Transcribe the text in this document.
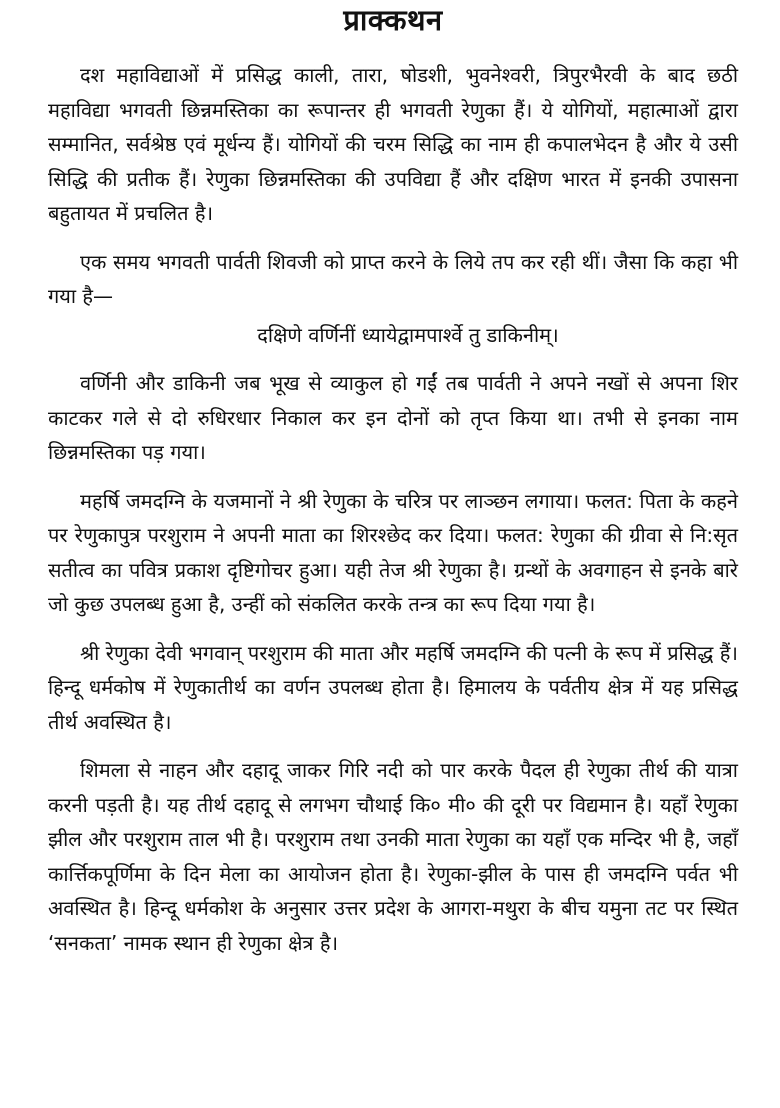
प्राक्कथन

दश महाविद्याओं में प्रसिद्ध काली, तारा, षोडशी, भुवनेश्वरी, त्रिपुरभैरवी के बाद छठी महाविद्या भगवती छिन्नमस्तिका का रूपान्तर ही भगवती रेणुका हैं। ये योगियों, महात्माओं द्वारा सम्मानित, सर्वश्रेष्ठ एवं मूर्धन्य हैं। योगियों की चरम सिद्धि का नाम ही कपालभेदन है और ये उसी सिद्धि की प्रतीक हैं। रेणुका छिन्नमस्तिका की उपविद्या हैं और दक्षिण भारत में इनकी उपासना बहुतायत में प्रचलित है।

एक समय भगवती पार्वती शिवजी को प्राप्त करने के लिये तप कर रही थीं। जैसा कि कहा भी गया है—

दक्षिणे वर्णिनीं ध्यायेद्वामपार्श्वे तु डाकिनीम्।

वर्णिनी और डाकिनी जब भूख से व्याकुल हो गईं तब पार्वती ने अपने नखों से अपना शिर काटकर गले से दो रुधिरधार निकाल कर इन दोनों को तृप्त किया था। तभी से इनका नाम छिन्नमस्तिका पड़ गया।

महर्षि जमदग्नि के यजमानों ने श्री रेणुका के चरित्र पर लाञ्छन लगाया। फलत: पिता के कहने पर रेणुकापुत्र परशुराम ने अपनी माता का शिरश्छेद कर दिया। फलत: रेणुका की ग्रीवा से नि:सृत सतीत्व का पवित्र प्रकाश दृष्टिगोचर हुआ। यही तेज श्री रेणुका है। ग्रन्थों के अवगाहन से इनके बारे जो कुछ उपलब्ध हुआ है, उन्हीं को संकलित करके तन्त्र का रूप दिया गया है।

श्री रेणुका देवी भगवान् परशुराम की माता और महर्षि जमदग्नि की पत्नी के रूप में प्रसिद्ध हैं। हिन्दू धर्मकोष में रेणुकातीर्थ का वर्णन उपलब्ध होता है। हिमालय के पर्वतीय क्षेत्र में यह प्रसिद्ध तीर्थ अवस्थित है।

शिमला से नाहन और दहादू जाकर गिरि नदी को पार करके पैदल ही रेणुका तीर्थ की यात्रा करनी पड़ती है। यह तीर्थ दहादू से लगभग चौथाई कि० मी० की दूरी पर विद्यमान है। यहाँ रेणुका झील और परशुराम ताल भी है। परशुराम तथा उनकी माता रेणुका का यहाँ एक मन्दिर भी है, जहाँ कार्त्तिकपूर्णिमा के दिन मेला का आयोजन होता है। रेणुका-झील के पास ही जमदग्नि पर्वत भी अवस्थित है। हिन्दू धर्मकोश के अनुसार उत्तर प्रदेश के आगरा-मथुरा के बीच यमुना तट पर स्थित ‘सनकता’ नामक स्थान ही रेणुका क्षेत्र है।
